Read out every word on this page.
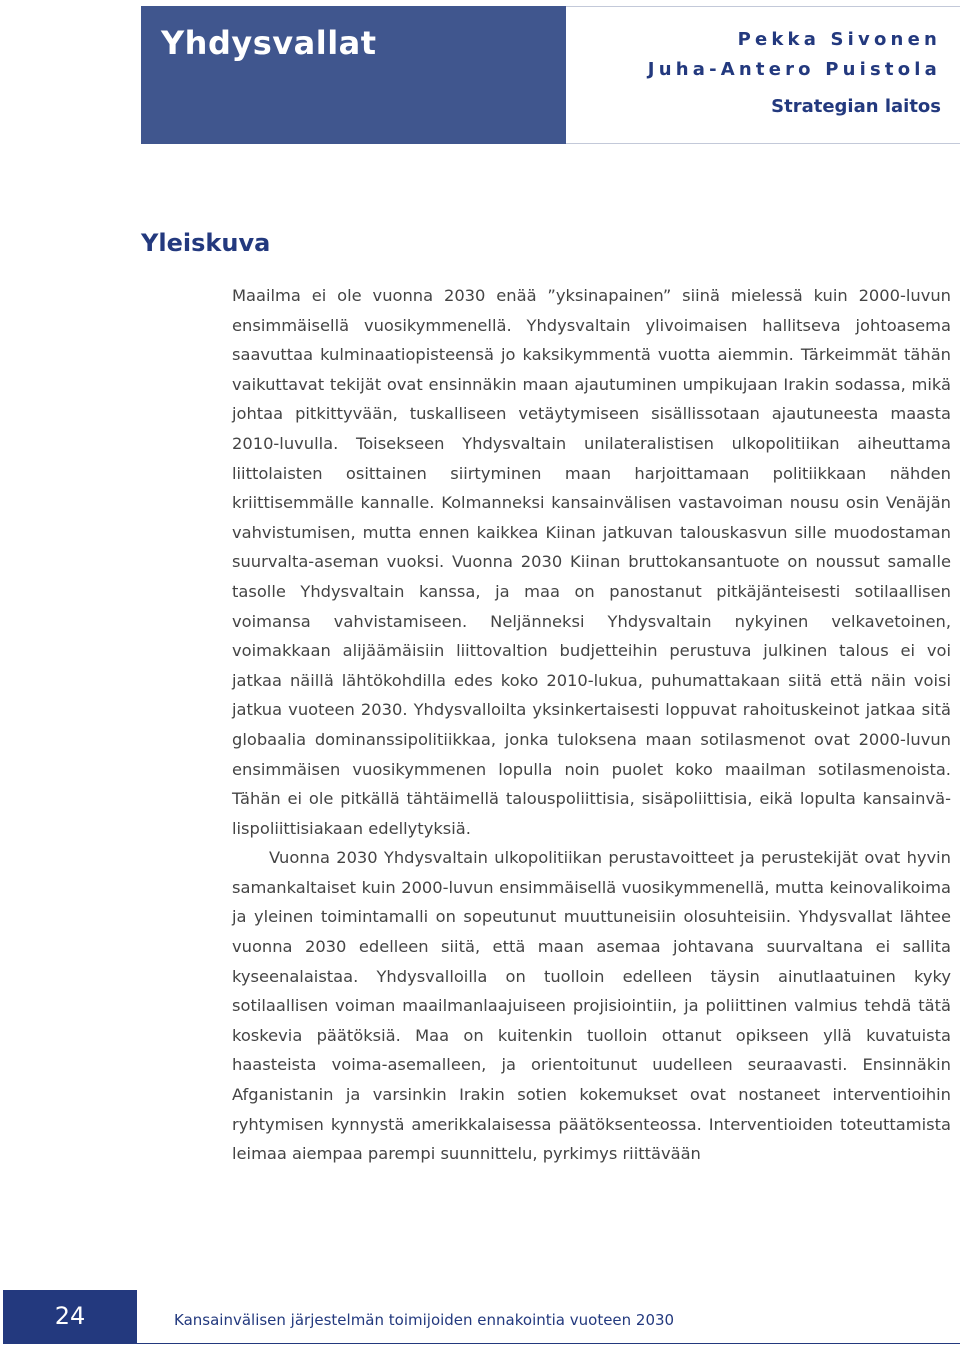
Yhdysvallat	Pekka Sivonen
Juha-Antero Puistola
Strategian laitos
Yleiskuva

Maailma ei ole vuonna 2030 enää ”yksinapainen” siinä mielessä kuin 2000-luvun ensimmäisellä vuosikymmenellä. Yhdysvaltain ylivoimaisen hallitseva johtoasema saavuttaa kulminaatiopisteensä jo kaksikymmentä vuotta aiemmin. Tärkeimmät tähän vaikuttavat tekijät ovat ensinnäkin maan ajautuminen umpikujaan Irakin sodassa, mikä johtaa pitkittyvään, tuskalliseen vetäytymiseen sisällissotaan ajautuneesta maasta 2010-luvulla. Toisekseen Yhdysvaltain unilateralistisen ulkopolitiikan aiheuttama liittolaisten osittainen siirtyminen maan harjoittamaan politiikkaan nähden kriittisemmälle kannalle. Kolmanneksi kansainvälisen vastavoiman nousu osin Venäjän vahvistumisen, mutta ennen kaikkea Kiinan jatkuvan talouskasvun sille muodostaman suurvalta-aseman vuoksi. Vuonna 2030 Kiinan bruttokansantuote on noussut samalle tasolle Yhdysvaltain kanssa, ja maa on panostanut pitkäjänteisesti sotilaallisen voimansa vahvistamiseen. Neljänneksi Yhdysvaltain nykyinen velkavetoinen, voimakkaan alijäämäisiin liittovaltion budjetteihin perustuva julkinen talous ei voi jatkaa näillä lähtökohdilla edes koko 2010-lukua, puhumattakaan siitä että näin voisi jatkua vuoteen 2030. Yhdysvalloilta yksinkertaisesti loppuvat rahoituskeinot jatkaa sitä globaalia dominanssipolitiikkaa, jonka tuloksena maan sotilasmenot ovat 2000-luvun ensimmäisen vuosikymmenen lopulla noin puolet koko maailman sotilasmenoista. Tähän ei ole pitkällä tähtäimellä talouspoliittisia, sisäpoliittisia, eikä lopulta kansainvälispoliittisiakaan edellytyksiä.

Vuonna 2030 Yhdysvaltain ulkopolitiikan perustavoitteet ja perustekijät ovat hyvin samankaltaiset kuin 2000-luvun ensimmäisellä vuosikymmenellä, mutta keinovalikoima ja yleinen toimintamalli on sopeutunut muuttuneisiin olosuhteisiin. Yhdysvallat lähtee vuonna 2030 edelleen siitä, että maan asemaa johtavana suurvaltana ei sallita kyseenalaistaa. Yhdysvalloilla on tuolloin edelleen täysin ainutlaatuinen kyky sotilaallisen voiman maailmanlaajuiseen projisiointiin, ja poliittinen valmius tehdä tätä koskevia päätöksiä. Maa on kuitenkin tuolloin ottanut opikseen yllä kuvatuista haasteista voima-asemalleen, ja orientoitunut uudelleen seuraavasti. Ensinnäkin Afganistanin ja varsinkin Irakin sotien kokemukset ovat nostaneet interventioihin ryhtymisen kynnystä amerikkalaisessa päätöksenteossa. Interventioiden toteuttamista leimaa aiempaa parempi suunnittelu, pyrkimys riittävään

24	Kansainvälisen järjestelmän toimijoiden ennakointia vuoteen 2030
